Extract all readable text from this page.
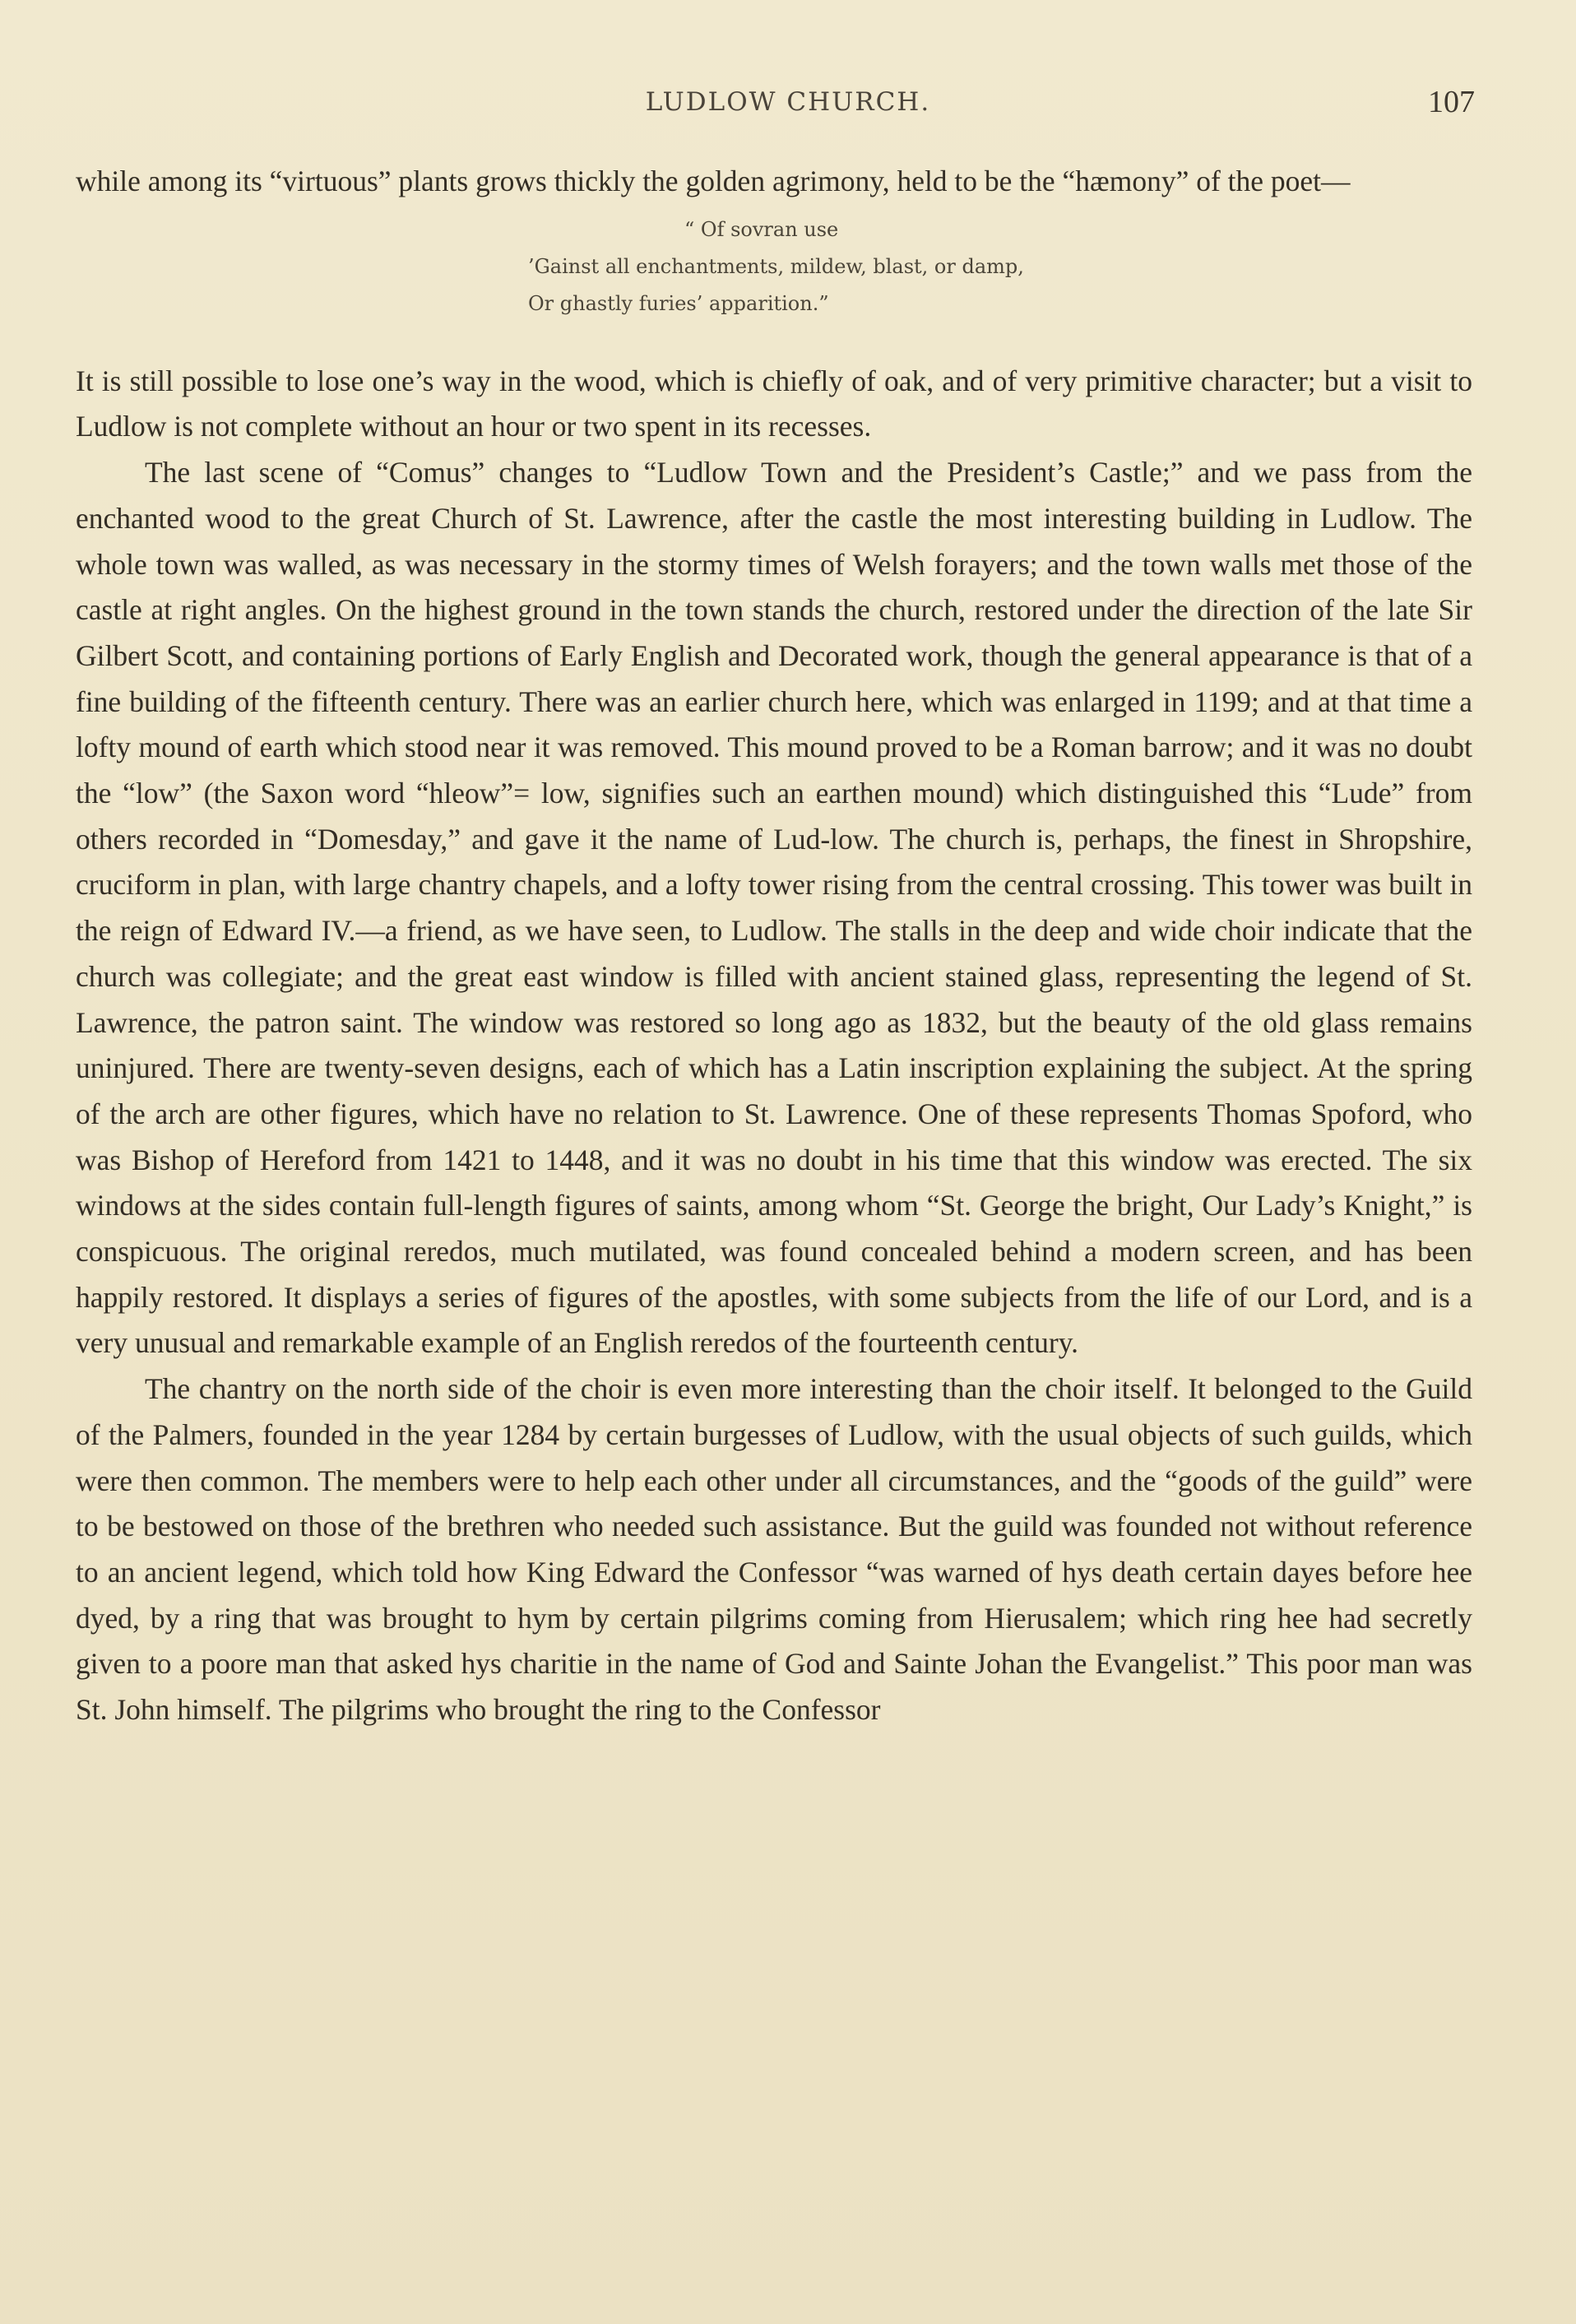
LUDLOW CHURCH.	107

while among its “virtuous” plants grows thickly the golden agrimony, held to be the “hæmony” of the poet—

“ Of sovran use
’Gainst all enchantments, mildew, blast, or damp,
Or ghastly furies’ apparition.”

It is still possible to lose one’s way in the wood, which is chiefly of oak, and of very primitive character; but a visit to Ludlow is not complete without an hour or two spent in its recesses.

The last scene of “Comus” changes to “Ludlow Town and the President’s Castle;” and we pass from the enchanted wood to the great Church of St. Lawrence, after the castle the most interesting building in Ludlow. The whole town was walled, as was necessary in the stormy times of Welsh forayers; and the town walls met those of the castle at right angles. On the highest ground in the town stands the church, restored under the direction of the late Sir Gilbert Scott, and containing portions of Early English and Decorated work, though the general appearance is that of a fine building of the fifteenth century. There was an earlier church here, which was enlarged in 1199; and at that time a lofty mound of earth which stood near it was removed. This mound proved to be a Roman barrow; and it was no doubt the “low” (the Saxon word “hleow”= low, signifies such an earthen mound) which distinguished this “Lude” from others recorded in “Domesday,” and gave it the name of Lud-low. The church is, perhaps, the finest in Shropshire, cruciform in plan, with large chantry chapels, and a lofty tower rising from the central crossing. This tower was built in the reign of Edward IV.—a friend, as we have seen, to Ludlow. The stalls in the deep and wide choir indicate that the church was collegiate; and the great east window is filled with ancient stained glass, representing the legend of St. Lawrence, the patron saint. The window was restored so long ago as 1832, but the beauty of the old glass remains uninjured. There are twenty-seven designs, each of which has a Latin inscription explaining the subject. At the spring of the arch are other figures, which have no relation to St. Lawrence. One of these represents Thomas Spoford, who was Bishop of Hereford from 1421 to 1448, and it was no doubt in his time that this window was erected. The six windows at the sides contain full-length figures of saints, among whom “St. George the bright, Our Lady’s Knight,” is conspicuous. The original reredos, much mutilated, was found concealed behind a modern screen, and has been happily restored. It displays a series of figures of the apostles, with some subjects from the life of our Lord, and is a very unusual and remarkable example of an English reredos of the fourteenth century.

The chantry on the north side of the choir is even more interesting than the choir itself. It belonged to the Guild of the Palmers, founded in the year 1284 by certain burgesses of Ludlow, with the usual objects of such guilds, which were then common. The members were to help each other under all circumstances, and the “goods of the guild” were to be bestowed on those of the brethren who needed such assistance. But the guild was founded not without reference to an ancient legend, which told how King Edward the Confessor “was warned of hys death certain dayes before hee dyed, by a ring that was brought to hym by certain pilgrims coming from Hierusalem; which ring hee had secretly given to a poore man that asked hys charitie in the name of God and Sainte Johan the Evangelist.” This poor man was St. John himself. The pilgrims who brought the ring to the Confessor
